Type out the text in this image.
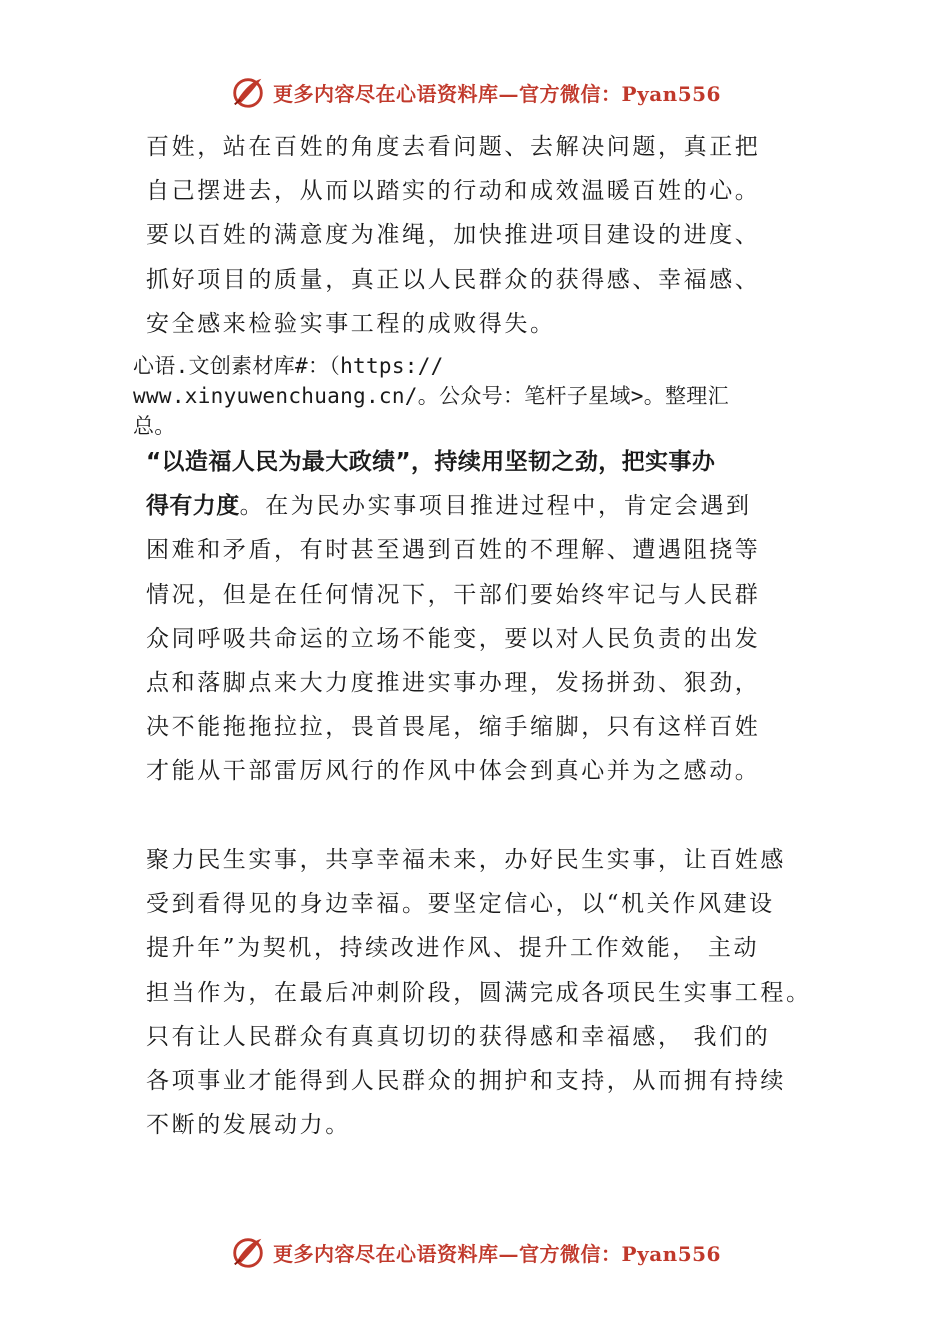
更多内容尽在心语资料库—官方微信：Pyan556
百姓，站在百姓的角度去看问题、去解决问题，真正把
自己摆进去，从而以踏实的行动和成效温暖百姓的心。
要以百姓的满意度为准绳，加快推进项目建设的进度、
抓好项目的质量，真正以人民群众的获得感、幸福感、
安全感来检验实事工程的成败得失。
心语.文创素材库#：（https://
www.xinyuwenchuang.cn/。公众号：笔杆子星域>。整理汇
总。
“以造福人民为最大政绩”，持续用坚韧之劲，把实事办
得有力度。在为民办实事项目推进过程中，肯定会遇到
困难和矛盾，有时甚至遇到百姓的不理解、遭遇阻挠等
情况，但是在任何情况下，干部们要始终牢记与人民群
众同呼吸共命运的立场不能变，要以对人民负责的出发
点和落脚点来大力度推进实事办理，发扬拼劲、狠劲，
决不能拖拖拉拉，畏首畏尾，缩手缩脚，只有这样百姓
才能从干部雷厉风行的作风中体会到真心并为之感动。
聚力民生实事，共享幸福未来，办好民生实事，让百姓感
受到看得见的身边幸福。要坚定信心，以“机关作风建设
提升年”为契机，持续改进作风、提升工作效能， 主动
担当作为，在最后冲刺阶段，圆满完成各项民生实事工程。
只有让人民群众有真真切切的获得感和幸福感， 我们的
各项事业才能得到人民群众的拥护和支持，从而拥有持续
不断的发展动力。
更多内容尽在心语资料库—官方微信：Pyan556
